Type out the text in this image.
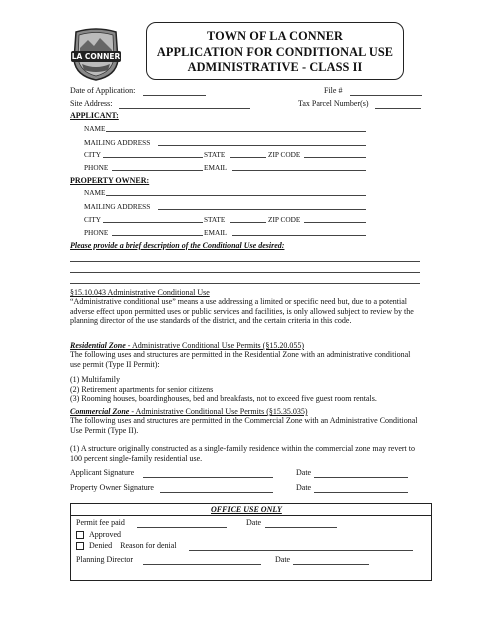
LA CONNER
TOWN OF LA CONNER
APPLICATION FOR CONDITIONAL USE
ADMINISTRATIVE - CLASS II
Date of Application:	File #
Site Address:	Tax Parcel Number(s)
APPLICANT:
NAME
MAILING ADDRESS
CITY	STATE	ZIP CODE
PHONE	EMAIL
PROPERTY OWNER:
NAME
MAILING ADDRESS
CITY	STATE	ZIP CODE
PHONE	EMAIL
Please provide a brief description of the Conditional Use desired:
§15.10.043 Administrative Conditional Use
“Administrative conditional use” means a use addressing a limited or specific need but, due to a potential adverse effect upon permitted uses or public services and facilities, is only allowed subject to review by the planning director of the use standards of the district, and the certain criteria in this code.
Residential Zone - Administrative Conditional Use Permits (§15.20.055)
The following uses and structures are permitted in the Residential Zone with an administrative conditional use permit (Type II Permit):
(1) Multifamily
(2) Retirement apartments for senior citizens
(3) Rooming houses, boardinghouses, bed and breakfasts, not to exceed five guest room rentals.
Commercial Zone - Administrative Conditional Use Permits (§15.35.035)
The following uses and structures are permitted in the Commercial Zone with an Administrative Conditional Use Permit (Type II).
(1) A structure originally constructed as a single-family residence within the commercial zone may revert to 100 percent single-family residential use.
Applicant Signature	Date
Property Owner Signature	Date
OFFICE USE ONLY
Permit fee paid	Date
Approved
Denied Reason for denial
Planning Director	Date
